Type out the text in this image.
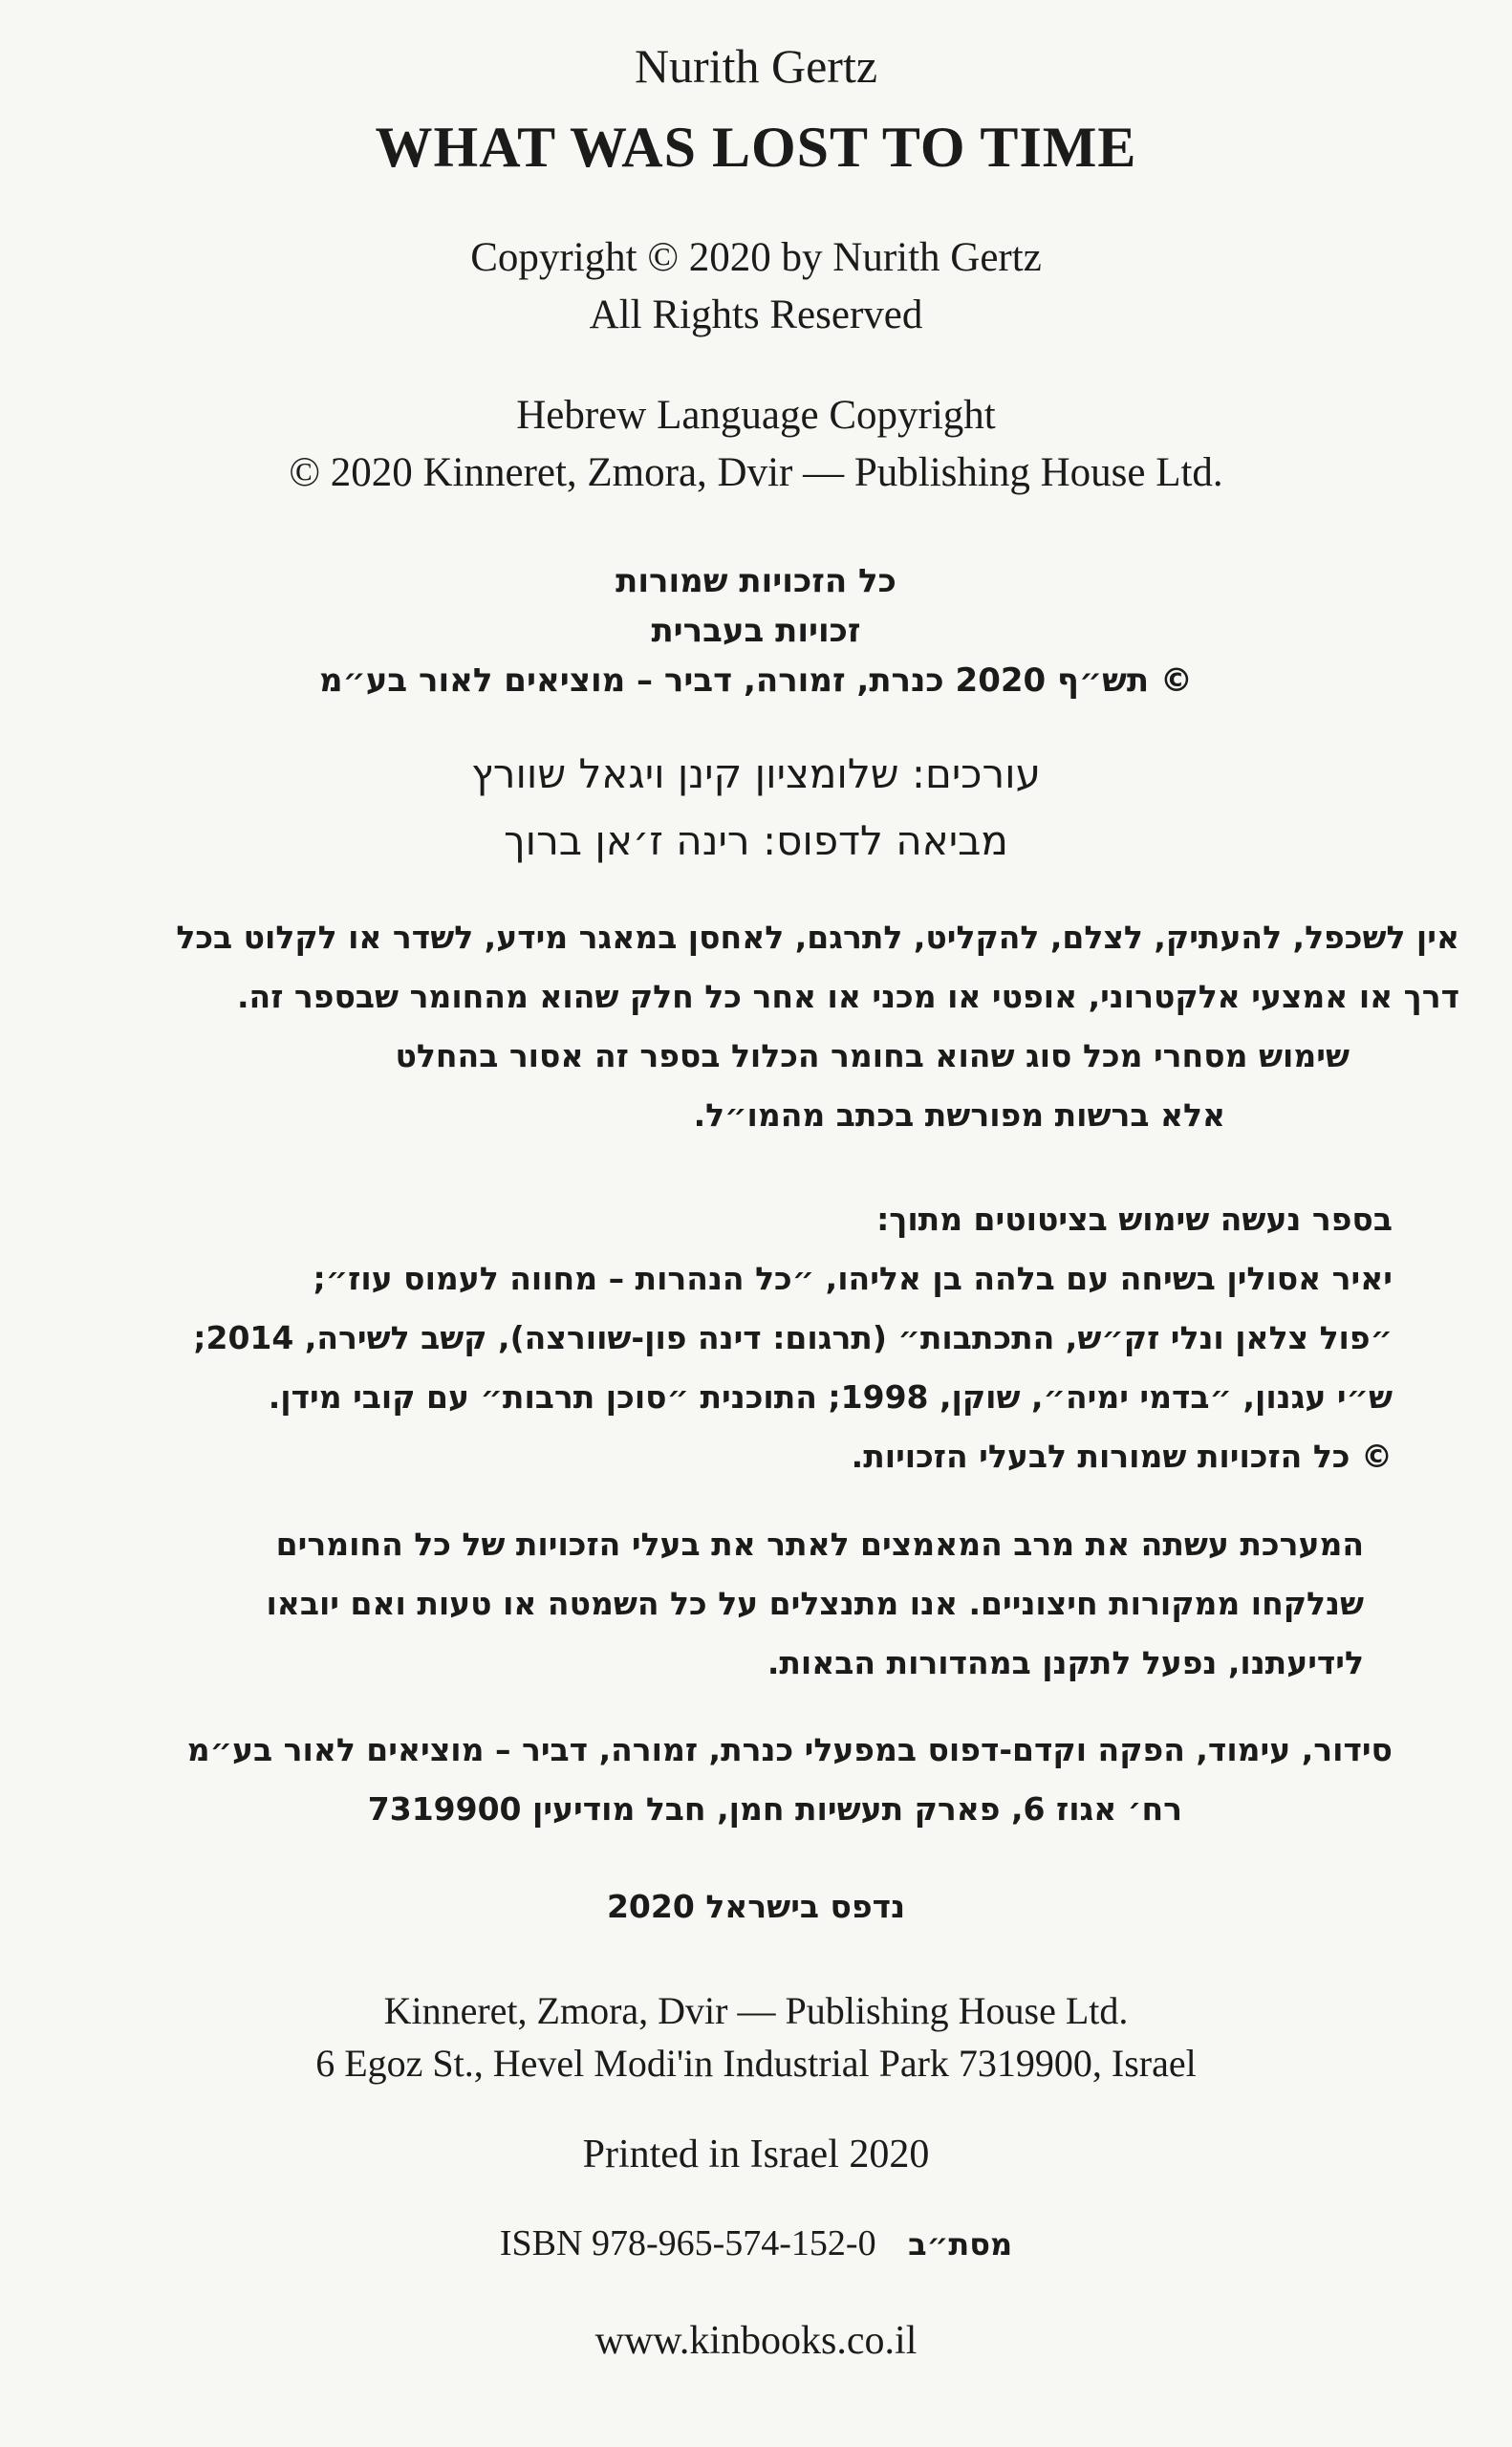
Nurith Gertz
WHAT WAS LOST TO TIME
Copyright © 2020 by Nurith Gertz
All Rights Reserved
Hebrew Language Copyright
© 2020 Kinneret, Zmora, Dvir — Publishing House Ltd.
כל הזכויות שמורות
זכויות בעברית
© תש״ף 2020 כנרת, זמורה, דביר – מוציאים לאור בע״מ
עורכים: שלומציון קינן ויגאל שוורץ
מביאה לדפוס: רינה ז׳אן ברוך
אין לשכפל, להעתיק, לצלם, להקליט, לתרגם, לאחסן במאגר מידע, לשדר או לקלוט בכל
דרך או אמצעי אלקטרוני, אופטי או מכני או אחר כל חלק שהוא מהחומר שבספר זה.
שימוש מסחרי מכל סוג שהוא בחומר הכלול בספר זה אסור בהחלט
אלא ברשות מפורשת בכתב מהמו״ל.
בספר נעשה שימוש בציטוטים מתוך:
יאיר אסולין בשיחה עם בלהה בן אליהו, ״כל הנהרות – מחווה לעמוס עוז״;
״פול צלאן ונלי זק״ש, התכתבות״ (תרגום: דינה פון-שוורצה), קשב לשירה, 2014;
ש״י עגנון, ״בדמי ימיה״, שוקן, 1998; התוכנית ״סוכן תרבות״ עם קובי מידן.
© כל הזכויות שמורות לבעלי הזכויות.
המערכת עשתה את מרב המאמצים לאתר את בעלי הזכויות של כל החומרים
שנלקחו ממקורות חיצוניים. אנו מתנצלים על כל השמטה או טעות ואם יובאו
לידיעתנו, נפעל לתקנן במהדורות הבאות.
סידור, עימוד, הפקה וקדם-דפוס במפעלי כנרת, זמורה, דביר – מוציאים לאור בע״מ
רח׳ אגוז 6, פארק תעשיות חמן, חבל מודיעין 7319900
נדפס בישראל 2020
Kinneret, Zmora, Dvir — Publishing House Ltd.
6 Egoz St., Hevel Modi'in Industrial Park 7319900, Israel
Printed in Israel 2020
ISBN 978-965-574-152-0 מסת״ב
www.kinbooks.co.il
